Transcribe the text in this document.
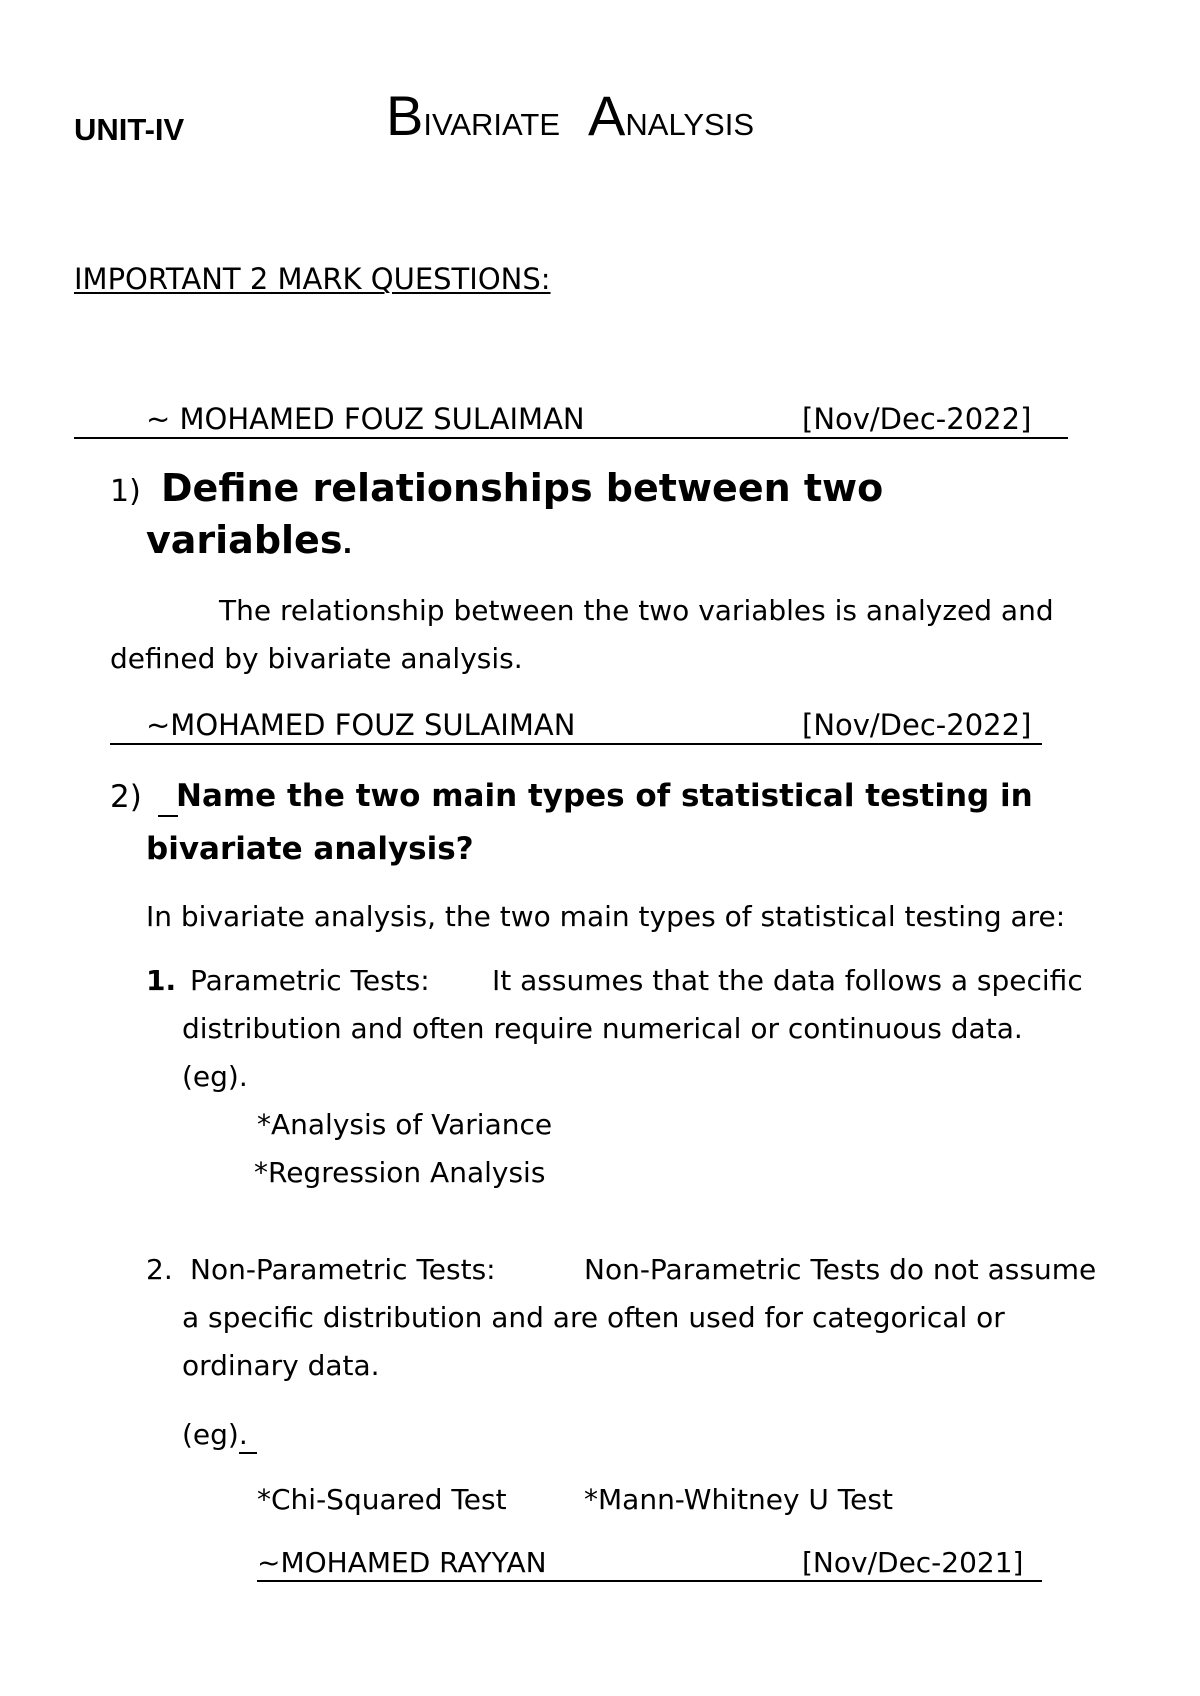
UNIT-IV	BIVARIATE ANALYSIS
IMPORTANT 2 MARK QUESTIONS:
~ MOHAMED FOUZ SULAIMAN	[Nov/Dec-2022]
1) Define relationships between two
variables.
The relationship between the two variables is analyzed and
defined by bivariate analysis.
~MOHAMED FOUZ SULAIMAN	[Nov/Dec-2022]
2) Name the two main types of statistical testing in
bivariate analysis?
In bivariate analysis, the two main types of statistical testing are:
1. Parametric Tests: It assumes that the data follows a specific
distribution and often require numerical or continuous data.
(eg).
*Analysis of Variance
*Regression Analysis
2. Non-Parametric Tests:	Non-Parametric Tests do not assume
a specific distribution and are often used for categorical or
ordinary data.
(eg).
*Chi-Squared Test	*Mann-Whitney U Test
~MOHAMED RAYYAN	[Nov/Dec-2021]
